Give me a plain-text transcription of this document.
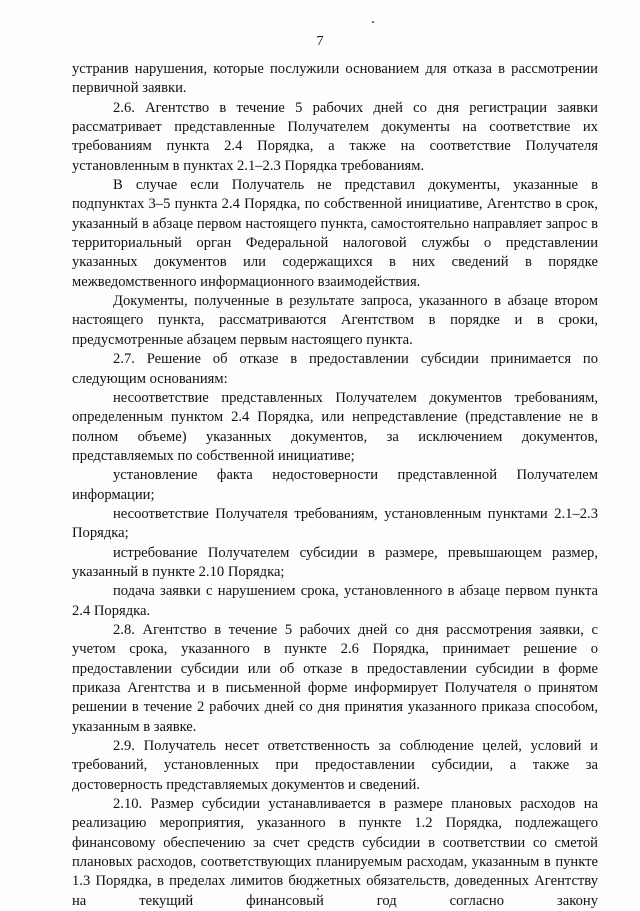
7

устранив нарушения, которые послужили основанием для отказа в рассмотрении первичной заявки.

2.6. Агентство в течение 5 рабочих дней со дня регистрации заявки рассматривает представленные Получателем документы на соответствие их требованиям пункта 2.4 Порядка, а также на соответствие Получателя установленным в пунктах 2.1–2.3 Порядка требованиям.

В случае если Получатель не представил документы, указанные в подпунктах 3–5 пункта 2.4 Порядка, по собственной инициативе, Агентство в срок, указанный в абзаце первом настоящего пункта, самостоятельно направляет запрос в территориальный орган Федеральной налоговой службы о представлении указанных документов или содержащихся в них сведений в порядке межведомственного информационного взаимодействия.

Документы, полученные в результате запроса, указанного в абзаце втором настоящего пункта, рассматриваются Агентством в порядке и в сроки, предусмотренные абзацем первым настоящего пункта.

2.7. Решение об отказе в предоставлении субсидии принимается по следующим основаниям:

несоответствие представленных Получателем документов требованиям, определенным пунктом 2.4 Порядка, или непредставление (представление не в полном объеме) указанных документов, за исключением документов, представляемых по собственной инициативе;

установление факта недостоверности представленной Получателем информации;

несоответствие Получателя требованиям, установленным пунктами 2.1–2.3 Порядка;

истребование Получателем субсидии в размере, превышающем размер, указанный в пункте 2.10 Порядка;

подача заявки с нарушением срока, установленного в абзаце первом пункта 2.4 Порядка.

2.8. Агентство в течение 5 рабочих дней со дня рассмотрения заявки, с учетом срока, указанного в пункте 2.6 Порядка, принимает решение о предоставлении субсидии или об отказе в предоставлении субсидии в форме приказа Агентства и в письменной форме информирует Получателя о принятом решении в течение 2 рабочих дней со дня принятия указанного приказа способом, указанным в заявке.

2.9. Получатель несет ответственность за соблюдение целей, условий и требований, установленных при предоставлении субсидии, а также за достоверность представляемых документов и сведений.

2.10. Размер субсидии устанавливается в размере плановых расходов на реализацию мероприятия, указанного в пункте 1.2 Порядка, подлежащего финансовому обеспечению за счет средств субсидии в соответствии со сметой плановых расходов, соответствующих планируемым расходам, указанным в пункте 1.3 Порядка, в пределах лимитов бюджетных обязательств, доведенных Агентству на текущий финансовый год согласно закону
